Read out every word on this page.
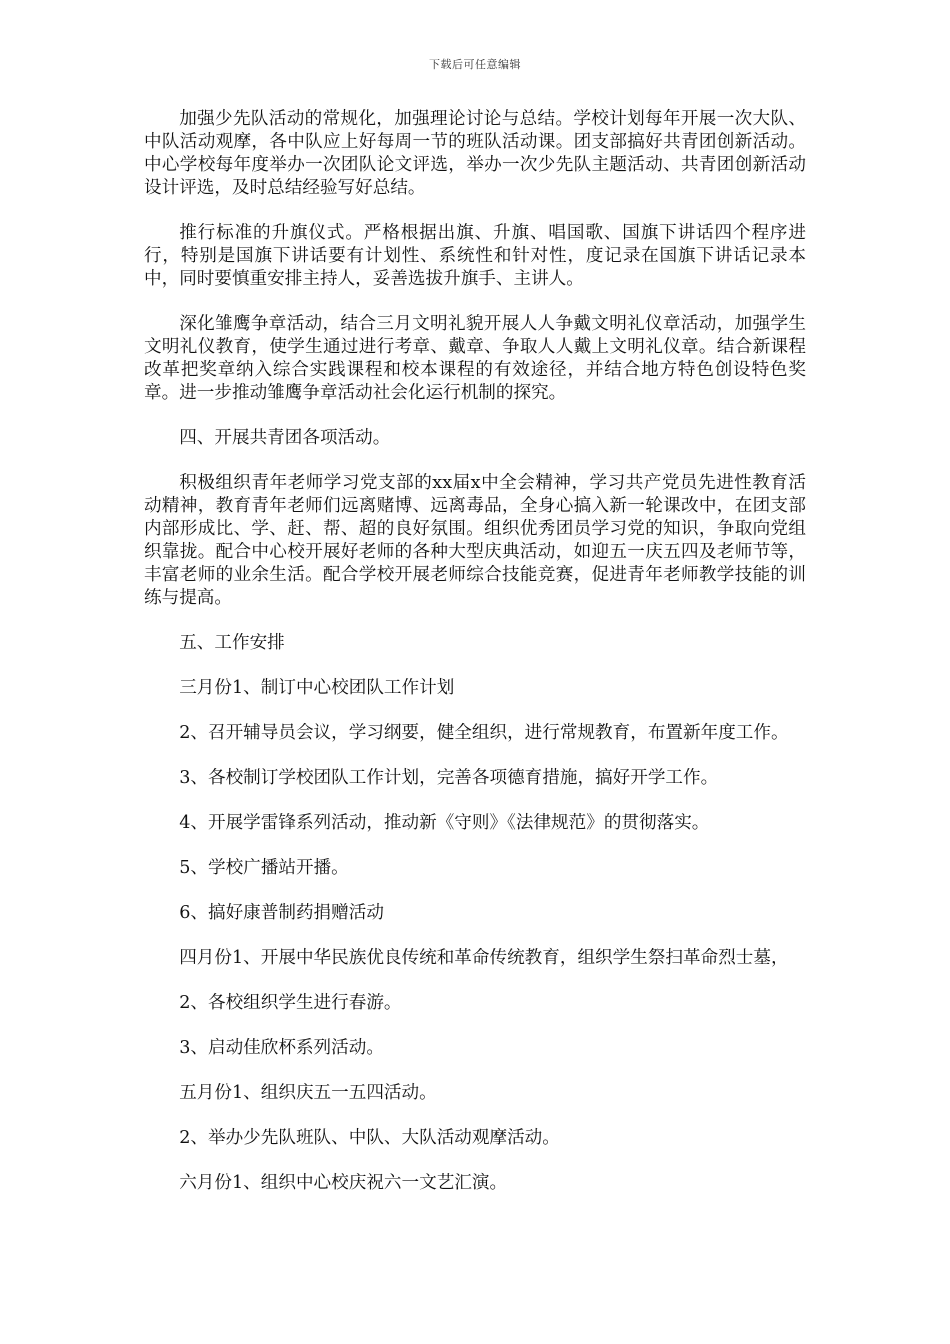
下载后可任意编辑

加强少先队活动的常规化，加强理论讨论与总结。学校计划每年开展一次大队、中队活动观摩，各中队应上好每周一节的班队活动课。团支部搞好共青团创新活动。中心学校每年度举办一次团队论文评选，举办一次少先队主题活动、共青团创新活动设计评选，及时总结经验写好总结。

推行标准的升旗仪式。严格根据出旗、升旗、唱国歌、国旗下讲话四个程序进行，特别是国旗下讲话要有计划性、系统性和针对性，度记录在国旗下讲话记录本中，同时要慎重安排主持人，妥善选拔升旗手、主讲人。

深化雏鹰争章活动，结合三月文明礼貌开展人人争戴文明礼仪章活动，加强学生文明礼仪教育，使学生通过进行考章、戴章、争取人人戴上文明礼仪章。结合新课程改革把奖章纳入综合实践课程和校本课程的有效途径，并结合地方特色创设特色奖章。进一步推动雏鹰争章活动社会化运行机制的探究。

四、开展共青团各项活动。

积极组织青年老师学习党支部的xx届x中全会精神，学习共产党员先进性教育活动精神，教育青年老师们远离赌博、远离毒品，全身心搞入新一轮课改中，在团支部内部形成比、学、赶、帮、超的良好氛围。组织优秀团员学习党的知识，争取向党组织靠拢。配合中心校开展好老师的各种大型庆典活动，如迎五一庆五四及老师节等，丰富老师的业余生活。配合学校开展老师综合技能竞赛，促进青年老师教学技能的训练与提高。

五、工作安排

三月份1、制订中心校团队工作计划

2、召开辅导员会议，学习纲要，健全组织，进行常规教育，布置新年度工作。

3、各校制订学校团队工作计划，完善各项德育措施，搞好开学工作。

4、开展学雷锋系列活动，推动新《守则》《法律规范》的贯彻落实。

5、学校广播站开播。

6、搞好康普制药捐赠活动

四月份1、开展中华民族优良传统和革命传统教育，组织学生祭扫革命烈士墓，

2、各校组织学生进行春游。

3、启动佳欣杯系列活动。

五月份1、组织庆五一五四活动。

2、举办少先队班队、中队、大队活动观摩活动。

六月份1、组织中心校庆祝六一文艺汇演。
